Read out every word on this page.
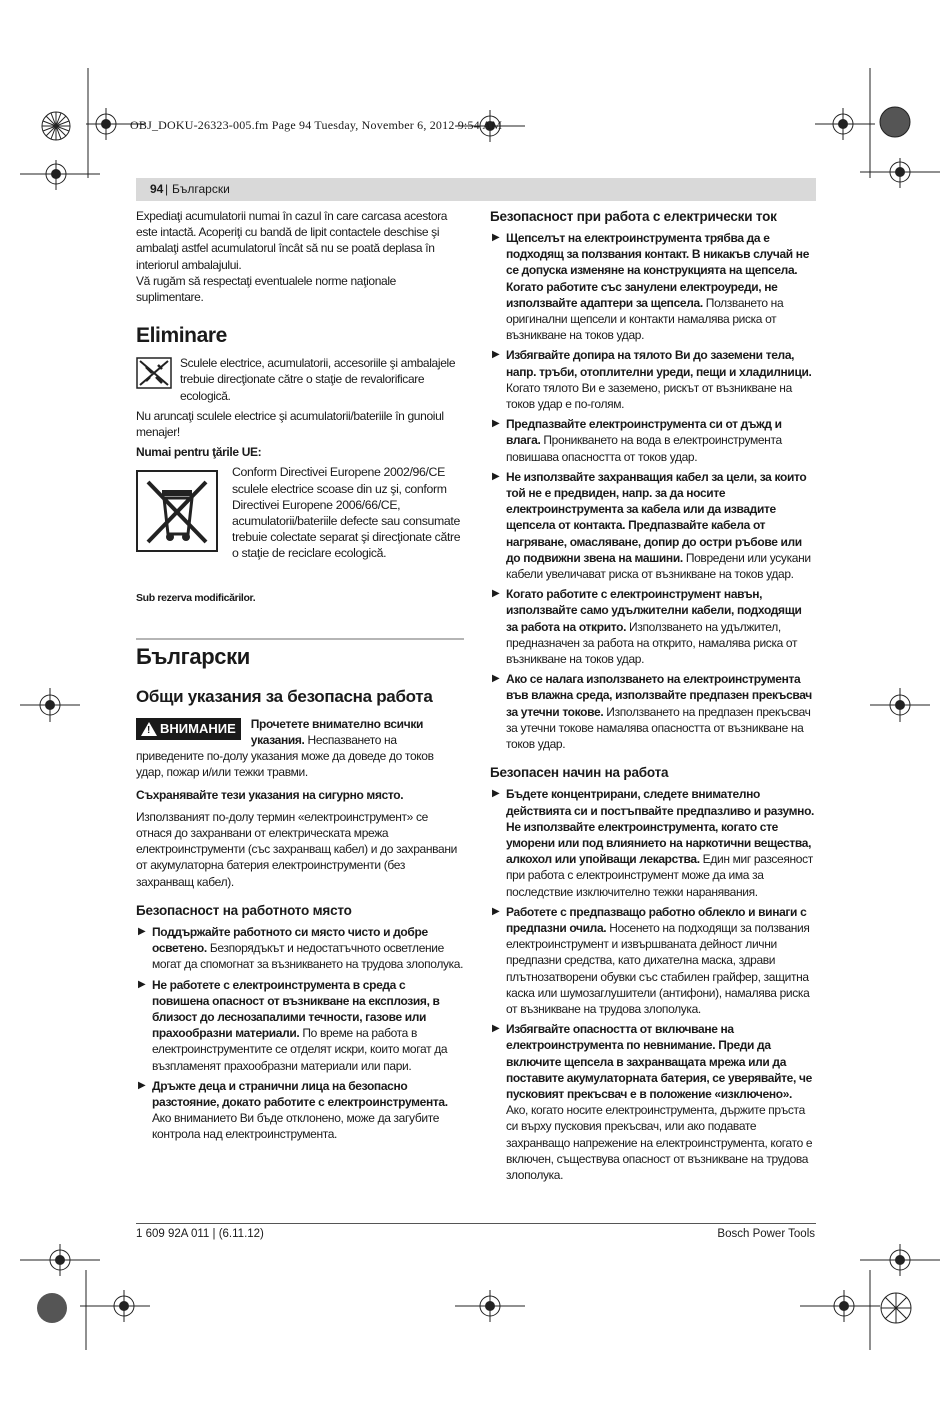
OBJ_DOKU-26323-005.fm Page 94 Tuesday, November 6, 2012 9:54 AM
94 | Български

Expediaţi acumulatorii numai în cazul în care carcasa acestora este intactă. Acoperiţi cu bandă de lipit contactele deschise şi ambalaţi astfel acumulatorul încât să nu se poată deplasa în interiorul ambalajului.

Vă rugăm să respectaţi eventualele norme naţionale suplimentare.

Eliminare

Sculele electrice, acumulatorii, accesoriile şi ambalajele trebuie direcţionate către o staţie de revalorificare ecologică.

Nu aruncaţi sculele electrice şi acumulatorii/bateriile în gunoiul menajer!

Numai pentru ţările UE:

Conform Directivei Europene 2002/96/CE sculele electrice scoase din uz şi, conform Directivei Europene 2006/66/CE, acumulatorii/bateriile defecte sau consumate trebuie colectate separat şi direcţionate către o staţie de reciclare ecologică.

Sub rezerva modificărilor.

Български

Общи указания за безопасна работа

! ВНИМАНИЕ Прочетете внимателно всички указания. Неспазването на приведените по-долу указания може да доведе до токов удар, пожар и/или тежки травми.

Съхранявайте тези указания на сигурно място.

Използваният по-долу термин «електроинструмент» се отнася до захранвани от електрическата мрежа електроинструменти (със захранващ кабел) и до захранвани от акумулаторна батерия електроинструменти (без захранващ кабел).

Безопасност на работното място

▶ Поддържайте работното си място чисто и добре осветено. Безпорядъкът и недостатъчното осветление могат да спомогнат за възникването на трудова злополука.
▶ Не работете с електроинструмента в среда с повишена опасност от възникване на експлозия, в близост до леснозапалими течности, газове или прахообразни материали. По време на работа в електроинструментите се отделят искри, които могат да възпламенят прахообразни материали или пари.
▶ Дръжте деца и странични лица на безопасно разстояние, докато работите с електроинструмента. Ако вниманието Ви бъде отклонено, може да загубите контрола над електроинструмента.

Безопасност при работа с електрически ток

▶ Щепселът на електроинструмента трябва да е подходящ за ползвания контакт. В никакъв случай не се допуска изменяне на конструкцията на щепсела. Когато работите със занулени електроуреди, не използвайте адаптери за щепсела. Ползването на оригинални щепсели и контакти намалява риска от възникване на токов удар.
▶ Избягвайте допира на тялото Ви до заземени тела, напр. тръби, отоплителни уреди, пещи и хладилници. Когато тялото Ви е заземено, рискът от възникване на токов удар е по-голям.
▶ Предпазвайте електроинструмента си от дъжд и влага. Проникването на вода в електроинструмента повишава опасността от токов удар.
▶ Не използвайте захранващия кабел за цели, за които той не е предвиден, напр. за да носите електроинструмента за кабела или да извадите щепсела от контакта. Предпазвайте кабела от нагряване, омасляване, допир до остри ръбове или до подвижни звена на машини. Повредени или усукани кабели увеличават риска от възникване на токов удар.
▶ Когато работите с електроинструмент навън, използвайте само удължителни кабели, подходящи за работа на открито. Използването на удължител, предназначен за работа на открито, намалява риска от възникване на токов удар.
▶ Ако се налага използването на електроинструмента във влажна среда, използвайте предпазен прекъсвач за утечни токове. Използването на предпазен прекъсвач за утечни токове намалява опасността от възникване на токов удар.

Безопасен начин на работа

▶ Бъдете концентрирани, следете внимателно действията си и постъпвайте предпазливо и разумно. Не използвайте електроинструмента, когато сте уморени или под влиянието на наркотични вещества, алкохол или упойващи лекарства. Един миг разсеяност при работа с електроинструмент може да има за последствие изключително тежки наранявания.
▶ Работете с предпазващо работно облекло и винаги с предпазни очила. Носенето на подходящи за ползвания електроинструмент и извършваната дейност лични предпазни средства, като дихателна маска, здрави плътнозатворени обувки със стабилен грайфер, защитна каска или шумозаглушители (антифони), намалява риска от възникване на трудова злополука.
▶ Избягвайте опасността от включване на електроинструмента по невнимание. Преди да включите щепсела в захранващата мрежа или да поставите акумулаторната батерия, се уверявайте, че пусковият прекъсвач е в положение «изключено». Ако, когато носите електроинструмента, държите пръста си върху пусковия прекъсвач, или ако подавате захранващо напрежение на електроинструмента, когато е включен, съществува опасност от възникване на трудова злополука.
1 609 92A 011 | (6.11.12)	Bosch Power Tools
